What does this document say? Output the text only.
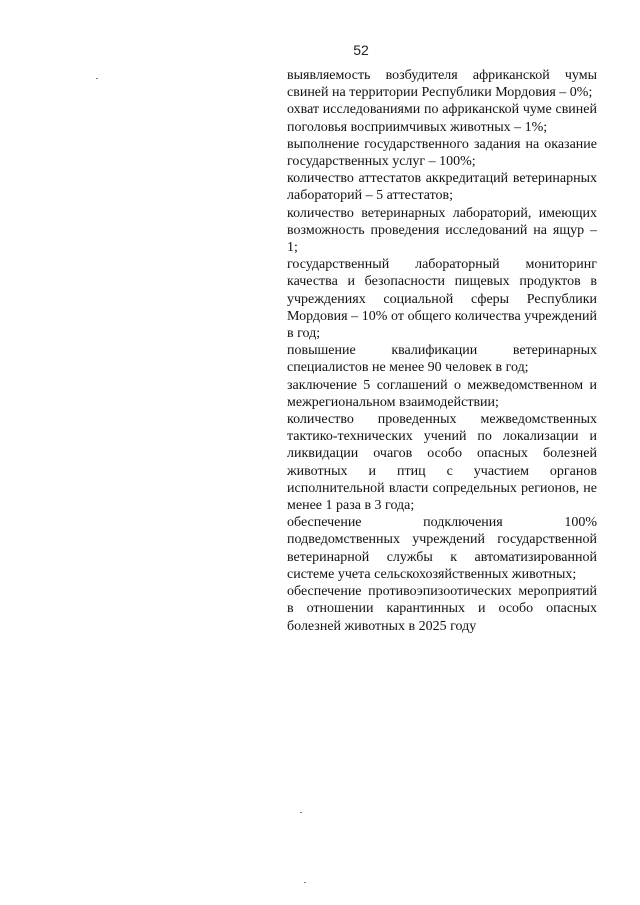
52

выявляемость возбудителя африканской чумы свиней на территории Республики Мордовия – 0%;

охват исследованиями по африканской чуме свиней поголовья восприимчивых животных – 1%;

выполнение государственного задания на оказание государственных услуг – 100%;

количество аттестатов аккредитаций ветеринарных лабораторий – 5 аттестатов;

количество ветеринарных лабораторий, имеющих возможность проведения исследований на ящур – 1;

государственный лабораторный мониторинг качества и безопасности пищевых продуктов в учреждениях социальной сферы Республики Мордовия – 10% от общего количества учреждений в год;

повышение квалификации ветеринарных специалистов не менее 90 человек в год;

заключение 5 соглашений о межведомственном и межрегиональном взаимодействии;

количество проведенных межведомственных тактико-технических учений по локализации и ликвидации очагов особо опасных болезней животных и птиц с участием органов исполнительной власти сопредельных регионов, не менее 1 раза в 3 года;

обеспечение подключения 100% подведомственных учреждений государственной ветеринарной службы к автоматизированной системе учета сельскохозяйственных животных;

обеспечение противоэпизоотических мероприятий в отношении карантинных и особо опасных болезней животных в 2025 году
